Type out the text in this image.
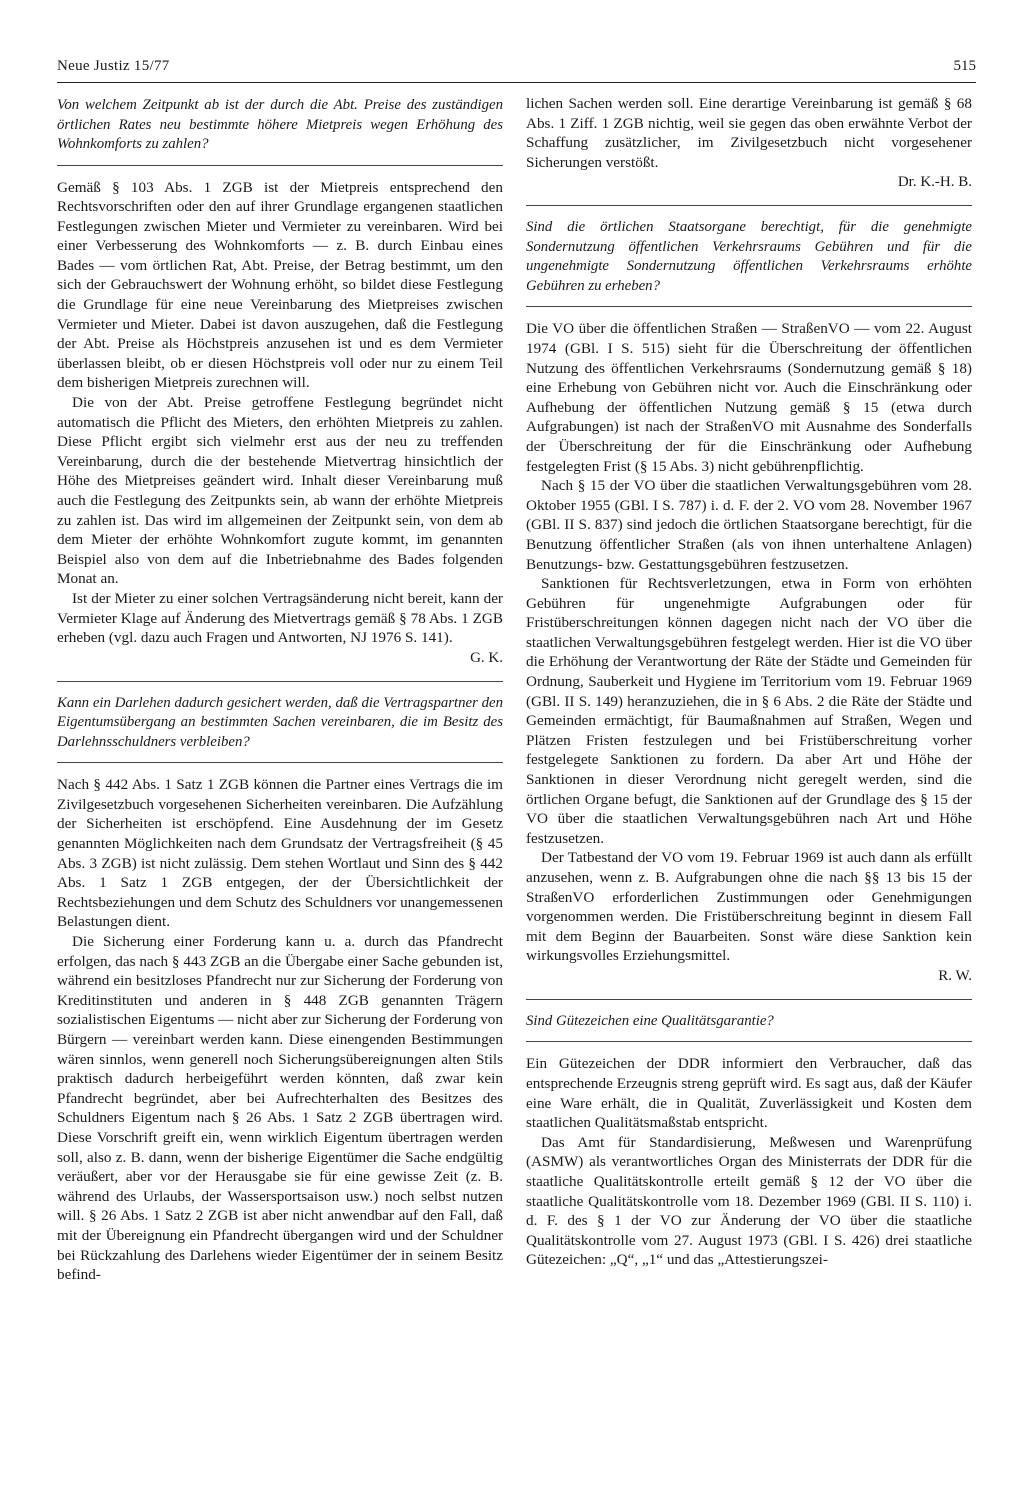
Neue Justiz 15/77	515

Von welchem Zeitpunkt ab ist der durch die Abt. Preise des zuständigen örtlichen Rates neu bestimmte höhere Mietpreis wegen Erhöhung des Wohnkomforts zu zahlen?

Gemäß § 103 Abs. 1 ZGB ist der Mietpreis entsprechend den Rechtsvorschriften oder den auf ihrer Grundlage ergangenen staatlichen Festlegungen zwischen Mieter und Vermieter zu vereinbaren. Wird bei einer Verbesserung des Wohnkomforts — z. B. durch Einbau eines Bades — vom örtlichen Rat, Abt. Preise, der Betrag bestimmt, um den sich der Gebrauchswert der Wohnung erhöht, so bildet diese Festlegung die Grundlage für eine neue Vereinbarung des Mietpreises zwischen Vermieter und Mieter. Dabei ist davon auszugehen, daß die Festlegung der Abt. Preise als Höchstpreis anzusehen ist und es dem Vermieter überlassen bleibt, ob er diesen Höchstpreis voll oder nur zu einem Teil dem bisherigen Mietpreis zurechnen will.

Die von der Abt. Preise getroffene Festlegung begründet nicht automatisch die Pflicht des Mieters, den erhöhten Mietpreis zu zahlen. Diese Pflicht ergibt sich vielmehr erst aus der neu zu treffenden Vereinbarung, durch die der bestehende Mietvertrag hinsichtlich der Höhe des Mietpreises geändert wird. Inhalt dieser Vereinbarung muß auch die Festlegung des Zeitpunkts sein, ab wann der erhöhte Mietpreis zu zahlen ist. Das wird im allgemeinen der Zeitpunkt sein, von dem ab dem Mieter der erhöhte Wohnkomfort zugute kommt, im genannten Beispiel also von dem auf die Inbetriebnahme des Bades folgenden Monat an.

Ist der Mieter zu einer solchen Vertragsänderung nicht bereit, kann der Vermieter Klage auf Änderung des Mietvertrags gemäß § 78 Abs. 1 ZGB erheben (vgl. dazu auch Fragen und Antworten, NJ 1976 S. 141).

G. K.

Kann ein Darlehen dadurch gesichert werden, daß die Vertragspartner den Eigentumsübergang an bestimmten Sachen vereinbaren, die im Besitz des Darlehnsschuldners verbleiben?

Nach § 442 Abs. 1 Satz 1 ZGB können die Partner eines Vertrags die im Zivilgesetzbuch vorgesehenen Sicherheiten vereinbaren. Die Aufzählung der Sicherheiten ist erschöpfend. Eine Ausdehnung der im Gesetz genannten Möglichkeiten nach dem Grundsatz der Vertragsfreiheit (§ 45 Abs. 3 ZGB) ist nicht zulässig. Dem stehen Wortlaut und Sinn des § 442 Abs. 1 Satz 1 ZGB entgegen, der der Übersichtlichkeit der Rechtsbeziehungen und dem Schutz des Schuldners vor unangemessenen Belastungen dient.

Die Sicherung einer Forderung kann u. a. durch das Pfandrecht erfolgen, das nach § 443 ZGB an die Übergabe einer Sache gebunden ist, während ein besitzloses Pfandrecht nur zur Sicherung der Forderung von Kreditinstituten und anderen in § 448 ZGB genannten Trägern sozialistischen Eigentums — nicht aber zur Sicherung der Forderung von Bürgern — vereinbart werden kann. Diese einengenden Bestimmungen wären sinnlos, wenn generell noch Sicherungsübereignungen alten Stils praktisch dadurch herbeigeführt werden könnten, daß zwar kein Pfandrecht begründet, aber bei Aufrechterhalten des Besitzes des Schuldners Eigentum nach § 26 Abs. 1 Satz 2 ZGB übertragen wird. Diese Vorschrift greift ein, wenn wirklich Eigentum übertragen werden soll, also z. B. dann, wenn der bisherige Eigentümer die Sache endgültig veräußert, aber vor der Herausgabe sie für eine gewisse Zeit (z. B. während des Urlaubs, der Wassersportsaison usw.) noch selbst nutzen will. § 26 Abs. 1 Satz 2 ZGB ist aber nicht anwendbar auf den Fall, daß mit der Übereignung ein Pfandrecht übergangen wird und der Schuldner bei Rückzahlung des Darlehens wieder Eigentümer der in seinem Besitz befind-

lichen Sachen werden soll. Eine derartige Vereinbarung ist gemäß § 68 Abs. 1 Ziff. 1 ZGB nichtig, weil sie gegen das oben erwähnte Verbot der Schaffung zusätzlicher, im Zivilgesetzbuch nicht vorgesehener Sicherungen verstößt.

Dr. K.-H. B.

Sind die örtlichen Staatsorgane berechtigt, für die genehmigte Sondernutzung öffentlichen Verkehrsraums Gebühren und für die ungenehmigte Sondernutzung öffentlichen Verkehrsraums erhöhte Gebühren zu erheben?

Die VO über die öffentlichen Straßen — StraßenVO — vom 22. August 1974 (GBl. I S. 515) sieht für die Überschreitung der öffentlichen Nutzung des öffentlichen Verkehrsraums (Sondernutzung gemäß § 18) eine Erhebung von Gebühren nicht vor. Auch die Einschränkung oder Aufhebung der öffentlichen Nutzung gemäß § 15 (etwa durch Aufgrabungen) ist nach der StraßenVO mit Ausnahme des Sonderfalls der Überschreitung der für die Einschränkung oder Aufhebung festgelegten Frist (§ 15 Abs. 3) nicht gebührenpflichtig.

Nach § 15 der VO über die staatlichen Verwaltungsgebühren vom 28. Oktober 1955 (GBl. I S. 787) i. d. F. der 2. VO vom 28. November 1967 (GBl. II S. 837) sind jedoch die örtlichen Staatsorgane berechtigt, für die Benutzung öffentlicher Straßen (als von ihnen unterhaltene Anlagen) Benutzungs- bzw. Gestattungsgebühren festzusetzen.

Sanktionen für Rechtsverletzungen, etwa in Form von erhöhten Gebühren für ungenehmigte Aufgrabungen oder für Fristüberschreitungen können dagegen nicht nach der VO über die staatlichen Verwaltungsgebühren festgelegt werden. Hier ist die VO über die Erhöhung der Verantwortung der Räte der Städte und Gemeinden für Ordnung, Sauberkeit und Hygiene im Territorium vom 19. Februar 1969 (GBl. II S. 149) heranzuziehen, die in § 6 Abs. 2 die Räte der Städte und Gemeinden ermächtigt, für Baumaßnahmen auf Straßen, Wegen und Plätzen Fristen festzulegen und bei Fristüberschreitung vorher festgelegete Sanktionen zu fordern. Da aber Art und Höhe der Sanktionen in dieser Verordnung nicht geregelt werden, sind die örtlichen Organe befugt, die Sanktionen auf der Grundlage des § 15 der VO über die staatlichen Verwaltungsgebühren nach Art und Höhe festzusetzen.

Der Tatbestand der VO vom 19. Februar 1969 ist auch dann als erfüllt anzusehen, wenn z. B. Aufgrabungen ohne die nach §§ 13 bis 15 der StraßenVO erforderlichen Zustimmungen oder Genehmigungen vorgenommen werden. Die Fristüberschreitung beginnt in diesem Fall mit dem Beginn der Bauarbeiten. Sonst wäre diese Sanktion kein wirkungsvolles Erziehungsmittel.

R. W.

Sind Gütezeichen eine Qualitätsgarantie?

Ein Gütezeichen der DDR informiert den Verbraucher, daß das entsprechende Erzeugnis streng geprüft wird. Es sagt aus, daß der Käufer eine Ware erhält, die in Qualität, Zuverlässigkeit und Kosten dem staatlichen Qualitätsmaßstab entspricht.

Das Amt für Standardisierung, Meßwesen und Warenprüfung (ASMW) als verantwortliches Organ des Ministerrats der DDR für die staatliche Qualitätskontrolle erteilt gemäß § 12 der VO über die staatliche Qualitätskontrolle vom 18. Dezember 1969 (GBl. II S. 110) i. d. F. des § 1 der VO zur Änderung der VO über die staatliche Qualitätskontrolle vom 27. August 1973 (GBl. I S. 426) drei staatliche Gütezeichen: „Q“, „1“ und das „Attestierungszei-
